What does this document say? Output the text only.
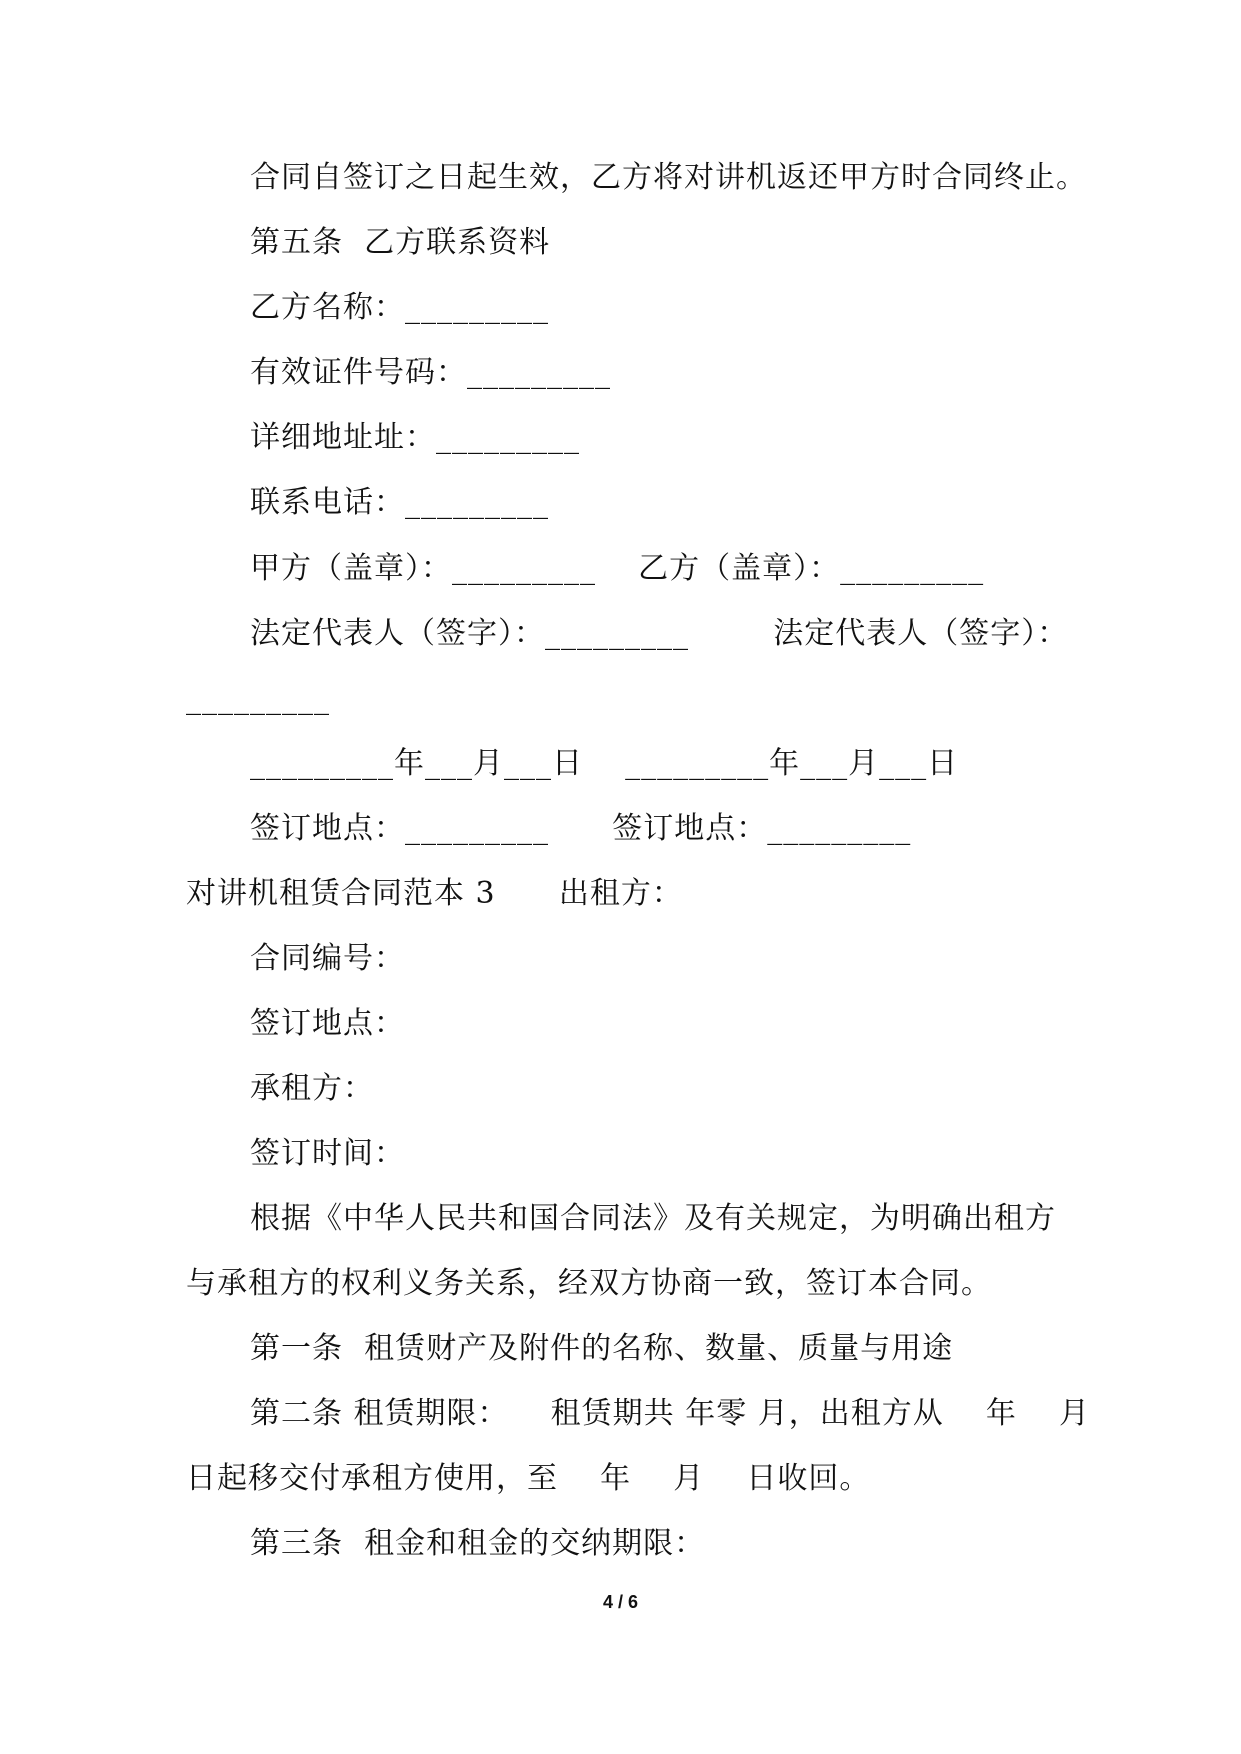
合同自签订之日起生效，乙方将对讲机返还甲方时合同终止。
第五条  乙方联系资料
乙方名称：_________
有效证件号码：_________
详细地址址：_________
联系电话：_________
甲方（盖章）：_________    乙方（盖章）：_________
法定代表人（签字）：_________        法定代表人（签字）：
_________
_________年___月___日    _________年___月___日
签订地点：_________      签订地点：_________
对讲机租赁合同范本 3      出租方：
合同编号：
签订地点：
承租方：
签订时间：
根据《中华人民共和国合同法》及有关规定，为明确出租方
与承租方的权利义务关系，经双方协商一致，签订本合同。
第一条  租赁财产及附件的名称、数量、质量与用途
第二条 租赁期限：    租赁期共 年零 月，出租方从    年    月
日起移交付承租方使用，至    年    月    日收回。
第三条  租金和租金的交纳期限：
4 / 6
